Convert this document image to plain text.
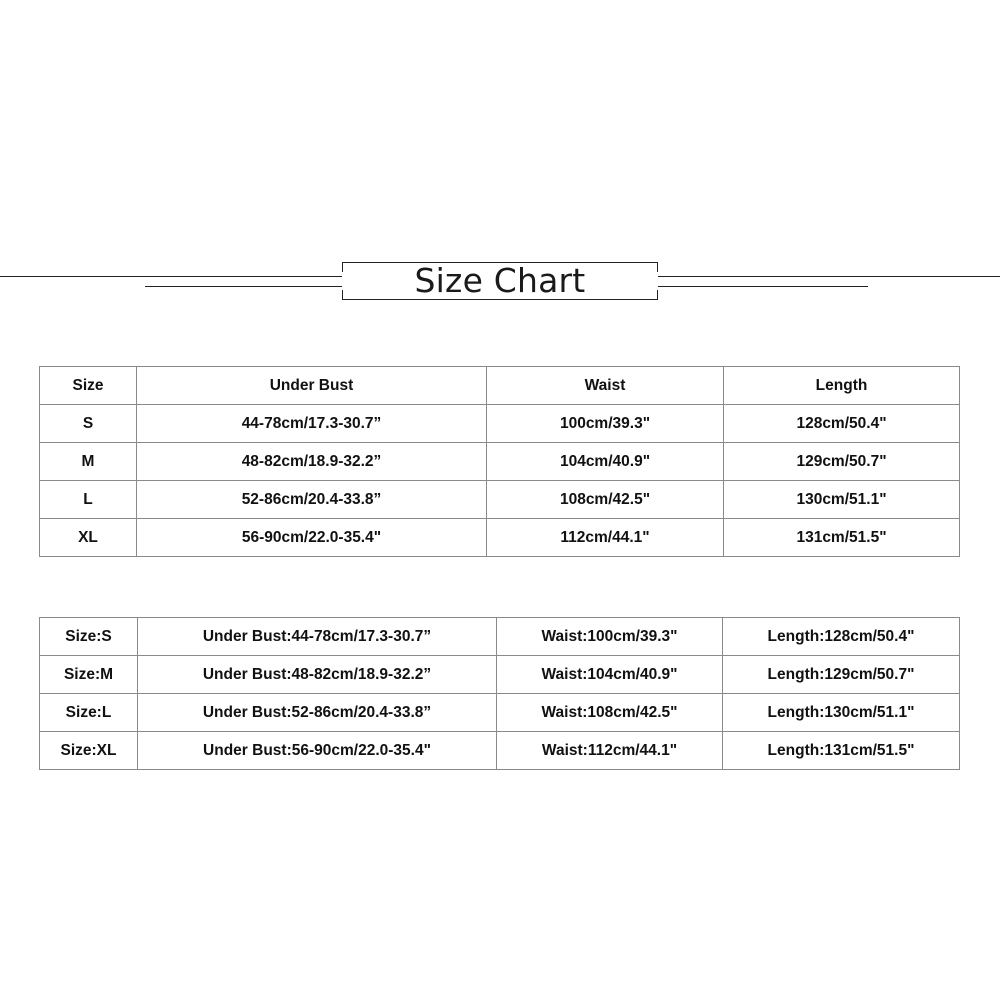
Size Chart
Size	Under Bust	Waist	Length
S	44-78cm/17.3-30.7”	100cm/39.3"	128cm/50.4"
M	48-82cm/18.9-32.2”	104cm/40.9"	129cm/50.7"
L	52-86cm/20.4-33.8”	108cm/42.5"	130cm/51.1"
XL	56-90cm/22.0-35.4"	112cm/44.1"	131cm/51.5"
Size:S	Under Bust:44-78cm/17.3-30.7”	Waist:100cm/39.3"	Length:128cm/50.4"
Size:M	Under Bust:48-82cm/18.9-32.2”	Waist:104cm/40.9"	Length:129cm/50.7"
Size:L	Under Bust:52-86cm/20.4-33.8”	Waist:108cm/42.5"	Length:130cm/51.1"
Size:XL	Under Bust:56-90cm/22.0-35.4"	Waist:112cm/44.1"	Length:131cm/51.5"
